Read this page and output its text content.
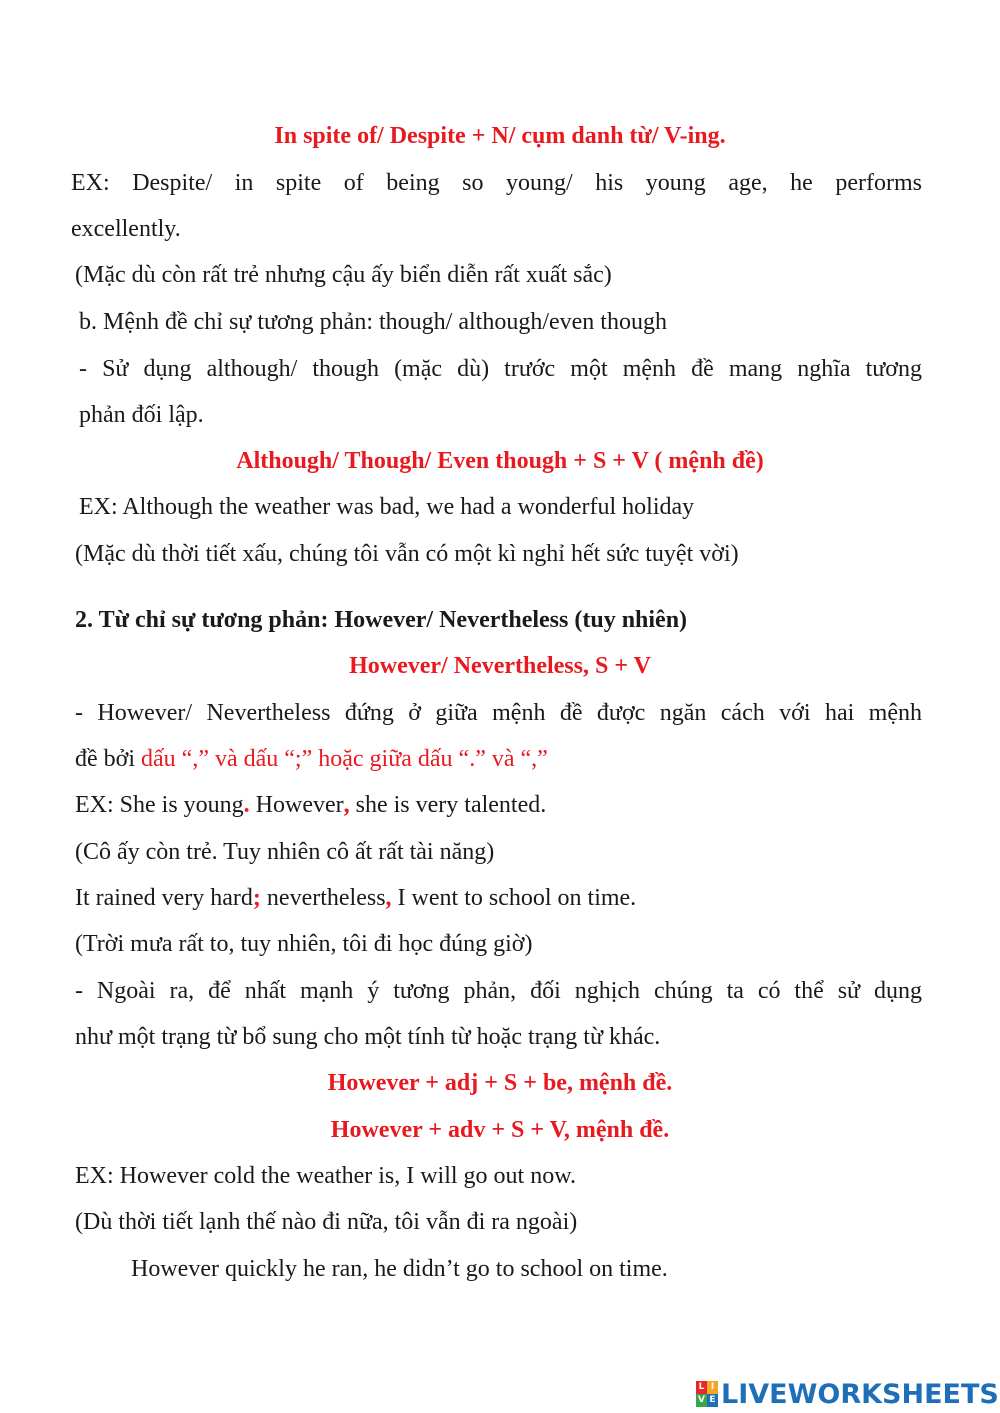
In spite of/ Despite + N/ cụm danh từ/ V-ing.
EX: Despite/ in spite of being so young/ his young age, he performs
excellently.
(Mặc dù còn rất trẻ nhưng cậu ấy biển diễn rất xuất sắc)
b. Mệnh đề chỉ sự tương phản: though/ although/even though
- Sử dụng although/ though (mặc dù) trước một mệnh đề mang nghĩa tương
phản đối lập.
Although/ Though/ Even though + S + V ( mệnh đề)
EX: Although the weather was bad, we had a wonderful holiday
(Mặc dù thời tiết xấu, chúng tôi vẫn có một kì nghỉ hết sức tuyệt vời)
2. Từ chỉ sự tương phản: However/ Nevertheless (tuy nhiên)
However/ Nevertheless, S + V
- However/ Nevertheless đứng ở giữa mệnh đề được ngăn cách với hai mệnh
đề bởi dấu “,” và dấu “;” hoặc giữa dấu “.” và “,”
EX: She is young. However, she is very talented.
(Cô ấy còn trẻ. Tuy nhiên cô ất rất tài năng)
It rained very hard; nevertheless, I went to school on time.
(Trời mưa rất to, tuy nhiên, tôi đi học đúng giờ)
- Ngoài ra, để nhất mạnh ý tương phản, đối nghịch chúng ta có thể sử dụng
như một trạng từ bổ sung cho một tính từ hoặc trạng từ khác.
However + adj + S + be, mệnh đề.
However + adv + S + V, mệnh đề.
EX: However cold the weather is, I will go out now.
(Dù thời tiết lạnh thế nào đi nữa, tôi vẫn đi ra ngoài)
However quickly he ran, he didn’t go to school on time.
L I
V E LIVEWORKSHEETS
